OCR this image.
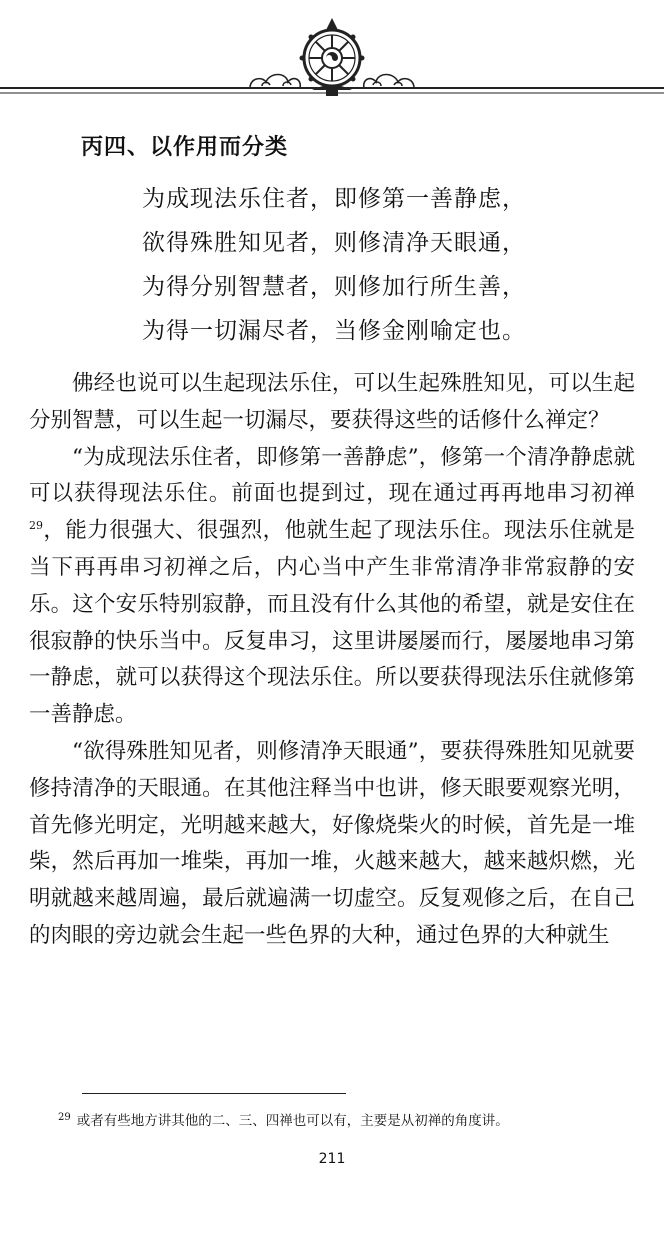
丙四、以作用而分类
为成现法乐住者，即修第一善静虑，
欲得殊胜知见者，则修清净天眼通，
为得分别智慧者，则修加行所生善，
为得一切漏尽者，当修金刚喻定也。

佛经也说可以生起现法乐住，可以生起殊胜知见，可以生起分别智慧，可以生起一切漏尽，要获得这些的话修什么禅定？

“为成现法乐住者，即修第一善静虑”，修第一个清净静虑就可以获得现法乐住。前面也提到过，现在通过再再地串习初禅$^{29}$，能力很强大、很强烈，他就生起了现法乐住。现法乐住就是当下再再串习初禅之后，内心当中产生非常清净非常寂静的安乐。这个安乐特别寂静，而且没有什么其他的希望，就是安住在很寂静的快乐当中。反复串习，这里讲屡屡而行，屡屡地串习第一静虑，就可以获得这个现法乐住。所以要获得现法乐住就修第一善静虑。

“欲得殊胜知见者，则修清净天眼通”，要获得殊胜知见就要修持清净的天眼通。在其他注释当中也讲，修天眼要观察光明，首先修光明定，光明越来越大，好像烧柴火的时候，首先是一堆柴，然后再加一堆柴，再加一堆，火越来越大，越来越炽燃，光明就越来越周遍，最后就遍满一切虚空。反复观修之后，在自己的肉眼的旁边就会生起一些色界的大种，通过色界的大种就生

$^{29}$ 或者有些地方讲其他的二、三、四禅也可以有，主要是从初禅的角度讲。
211
